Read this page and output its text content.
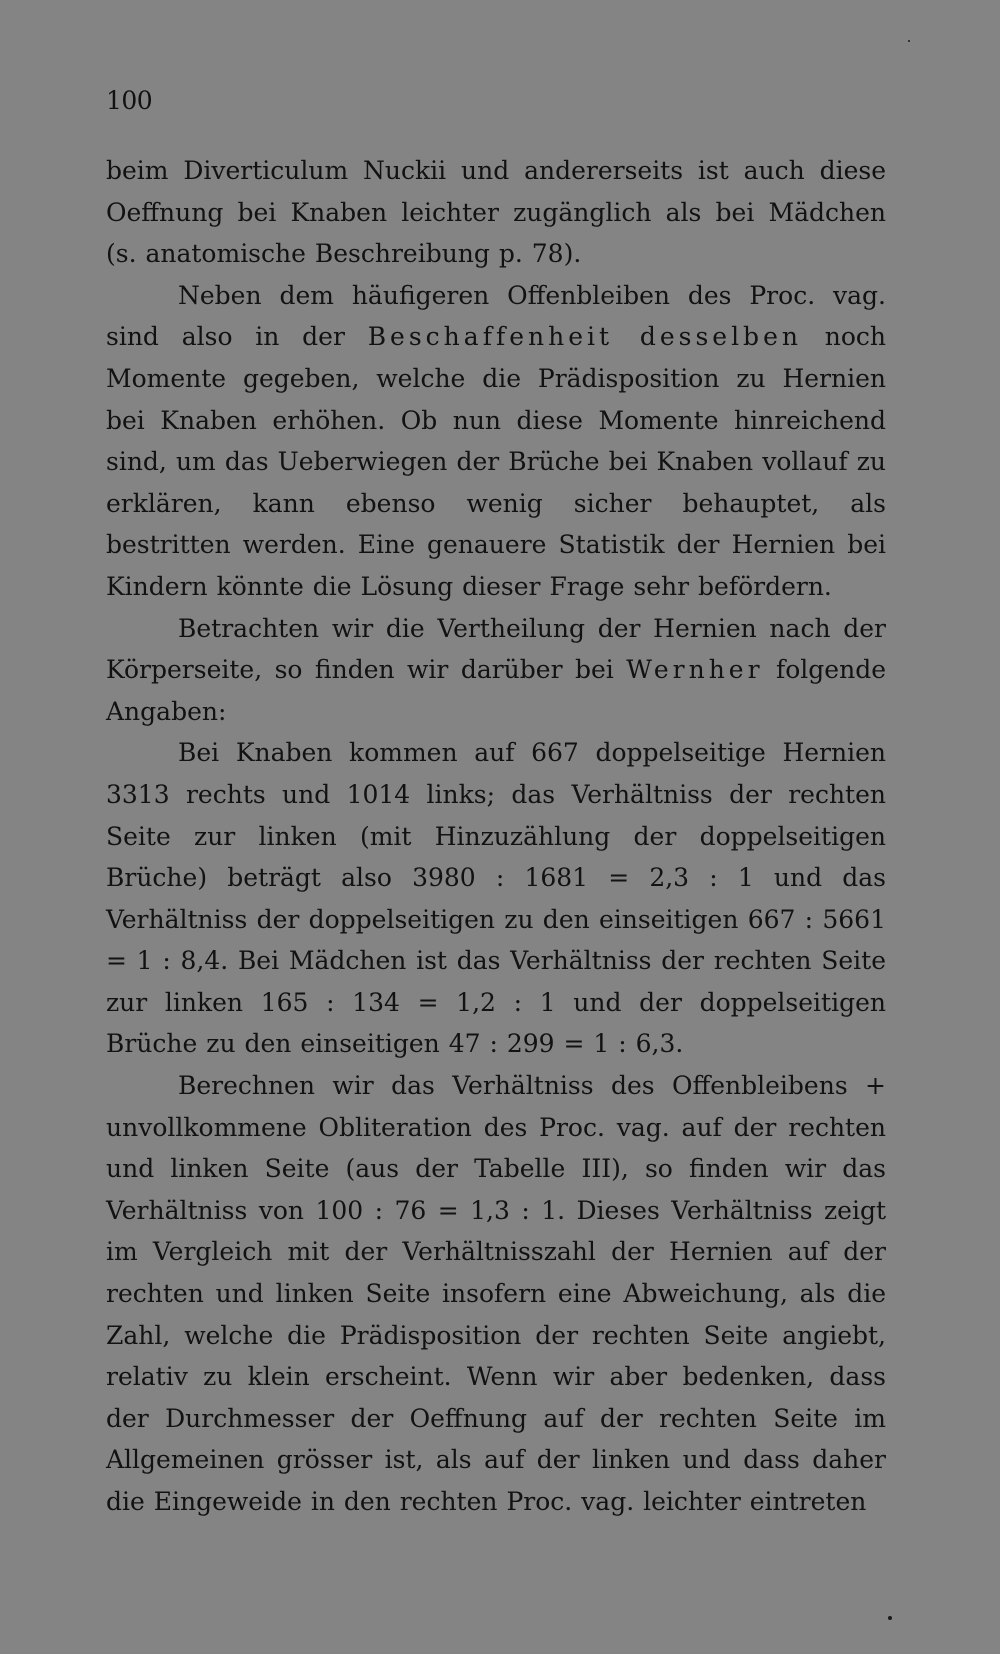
100

beim Diverticulum Nuckii und andererseits ist auch diese Oeffnung bei Knaben leichter zugänglich als bei Mädchen (s. anatomische Beschreibung p. 78).

Neben dem häufigeren Offenbleiben des Proc. vag. sind also in der Beschaffenheit desselben noch Momente gegeben, welche die Prädisposition zu Hernien bei Knaben erhöhen. Ob nun diese Momente hinreichend sind, um das Ueberwiegen der Brüche bei Knaben vollauf zu erklären, kann ebenso wenig sicher behauptet, als bestritten werden. Eine genauere Statistik der Hernien bei Kindern könnte die Lösung dieser Frage sehr befördern.

Betrachten wir die Vertheilung der Hernien nach der Körperseite, so finden wir darüber bei Wernher folgende Angaben:

Bei Knaben kommen auf 667 doppelseitige Hernien 3313 rechts und 1014 links; das Verhältniss der rechten Seite zur linken (mit Hinzuzählung der doppelseitigen Brüche) beträgt also 3980 : 1681 = 2,3 : 1 und das Verhältniss der doppelseitigen zu den einseitigen 667 : 5661 = 1 : 8,4. Bei Mädchen ist das Verhältniss der rechten Seite zur linken 165 : 134 = 1,2 : 1 und der doppelseitigen Brüche zu den einseitigen 47 : 299 = 1 : 6,3.

Berechnen wir das Verhältniss des Offenbleibens + unvollkommene Obliteration des Proc. vag. auf der rechten und linken Seite (aus der Tabelle III), so finden wir das Verhältniss von 100 : 76 = 1,3 : 1. Dieses Verhältniss zeigt im Vergleich mit der Verhältnisszahl der Hernien auf der rechten und linken Seite insofern eine Abweichung, als die Zahl, welche die Prädisposition der rechten Seite angiebt, relativ zu klein erscheint. Wenn wir aber bedenken, dass der Durchmesser der Oeffnung auf der rechten Seite im Allgemeinen grösser ist, als auf der linken und dass daher die Eingeweide in den rechten Proc. vag. leichter eintreten
